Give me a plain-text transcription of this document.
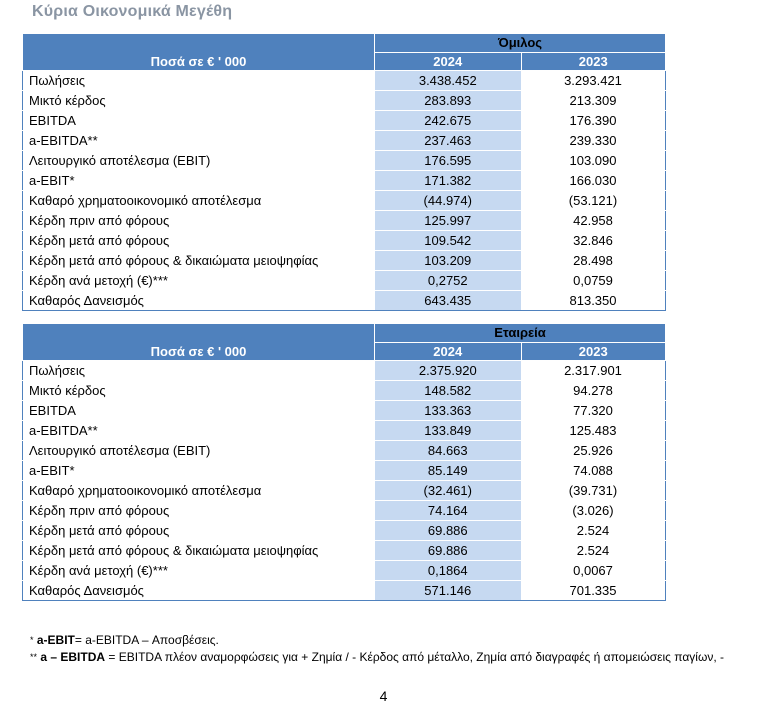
Κύρια Οικονομικά Μεγέθη
	Όμιλος	
Ποσά σε € ' 000	2024	2023
Πωλήσεις	3.438.452	3.293.421
Μικτό κέρδος	283.893	213.309
EBITDA	242.675	176.390
a-EBITDA**	237.463	239.330
Λειτουργικό αποτέλεσμα (EBIT)	176.595	103.090
a-EBIT*	171.382	166.030
Καθαρό χρηματοοικονομικό αποτέλεσμα	(44.974)	(53.121)
Κέρδη πριν από φόρους	125.997	42.958
Κέρδη μετά από φόρους	109.542	32.846
Κέρδη μετά από φόρους & δικαιώματα μειοψηφίας	103.209	28.498
Κέρδη ανά μετοχή (€)***	0,2752	0,0759
Καθαρός Δανεισμός	643.435	813.350
	Εταιρεία	
Ποσά σε € ' 000	2024	2023
Πωλήσεις	2.375.920	2.317.901
Μικτό κέρδος	148.582	94.278
EBITDA	133.363	77.320
a-EBITDA**	133.849	125.483
Λειτουργικό αποτέλεσμα (EBIT)	84.663	25.926
a-EBIT*	85.149	74.088
Καθαρό χρηματοοικονομικό αποτέλεσμα	(32.461)	(39.731)
Κέρδη πριν από φόρους	74.164	(3.026)
Κέρδη μετά από φόρους	69.886	2.524
Κέρδη μετά από φόρους & δικαιώματα μειοψηφίας	69.886	2.524
Κέρδη ανά μετοχή (€)***	0,1864	0,0067
Καθαρός Δανεισμός	571.146	701.335
* a-EBIT= a-EBITDA – Αποσβέσεις.
** a – EBITDA = EBITDA πλέον αναμορφώσεις για + Ζημία / - Κέρδος από μέταλλο, Ζημία από διαγραφές ή απομειώσεις παγίων, -
4
